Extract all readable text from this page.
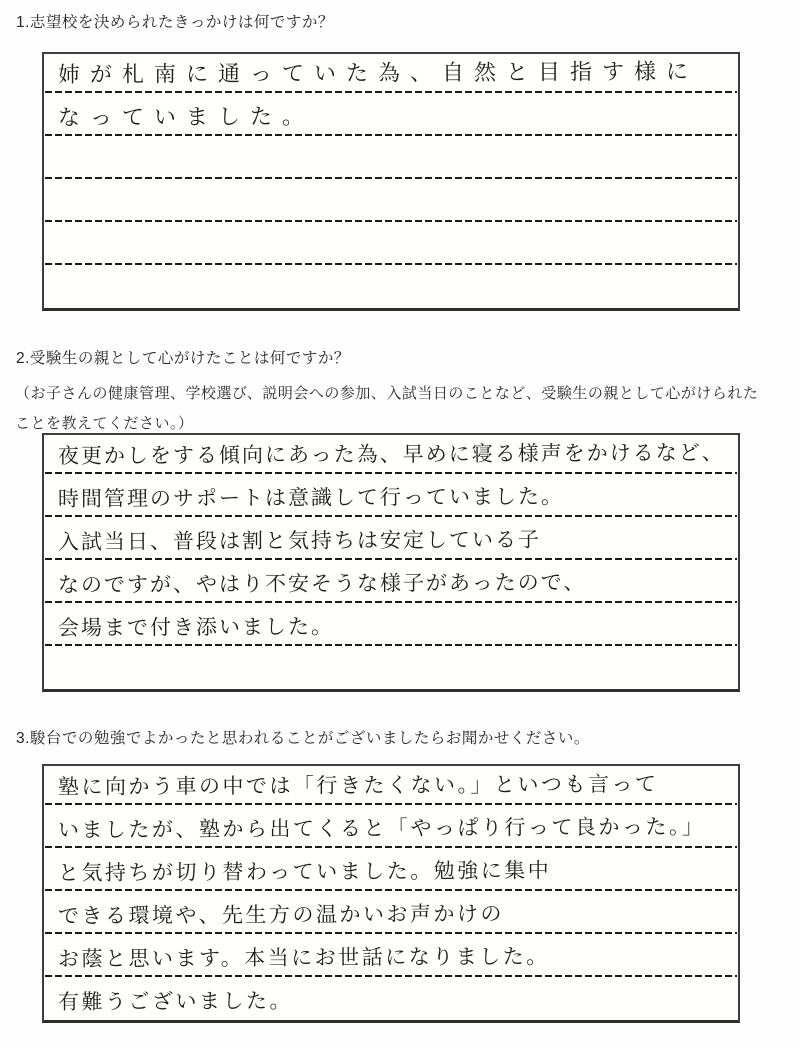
1.志望校を決められたきっかけは何ですか？
姉が札南に通っていた為、自然と目指す様に
なっていました。
2.受験生の親として心がけたことは何ですか？
（お子さんの健康管理、学校選び、説明会への参加、入試当日のことなど、受験生の親として心がけられた
ことを教えてください。）
夜更かしをする傾向にあった為、早めに寝る様声をかけるなど、
時間管理のサポートは意識して行っていました。
入試当日、普段は割と気持ちは安定している子
なのですが、やはり不安そうな様子があったので、
会場まで付き添いました。
3.駿台での勉強でよかったと思われることがございましたらお聞かせください。
塾に向かう車の中では「行きたくない。」といつも言って
いましたが、塾から出てくると「やっぱり行って良かった。」
と気持ちが切り替わっていました。勉強に集中
できる環境や、先生方の温かいお声かけの
お蔭と思います。本当にお世話になりました。
有難うございました。
